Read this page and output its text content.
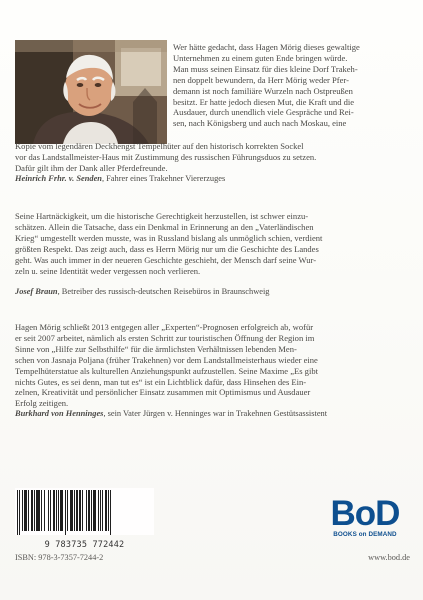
Wer hätte gedacht, dass Hagen Mörig dieses gewaltige
Unternehmen zu einem guten Ende bringen würde.
Man muss seinen Einsatz für dies kleine Dorf Trakeh-
nen doppelt bewundern, da Herr Mörig weder Pfer-
demann ist noch familiäre Wurzeln nach Ostpreußen
besitzt. Er hatte jedoch diesen Mut, die Kraft und die
Ausdauer, durch unendlich viele Gespräche und Rei-
sen, nach Königsberg und auch nach Moskau, eine
Kopie vom legendären Deckhengst Tempelhüter auf den historisch korrekten Sockel
vor das Landstallmeister-Haus mit Zustimmung des russischen Führungsduos zu setzen.
Dafür gilt ihm der Dank aller Pferdefreunde.
Heinrich Frhr. v. Senden, Fahrer eines Trakehner Viererzuges

Seine Hartnäckigkeit, um die historische Gerechtigkeit herzustellen, ist schwer einzu-
schätzen. Allein die Tatsache, dass ein Denkmal in Erinnerung an den „Vaterländischen
Krieg“ umgestellt werden musste, was in Russland bislang als unmöglich schien, verdient
größten Respekt. Das zeigt auch, dass es Herrn Mörig nur um die Geschichte des Landes
geht. Was auch immer in der neueren Geschichte geschieht, der Mensch darf seine Wur-
zeln u. seine Identität weder vergessen noch verlieren.

Josef Braun, Betreiber des russisch-deutschen Reisebüros in Braunschweig

Hagen Mörig schließt 2013 entgegen aller „Experten“-Prognosen erfolgreich ab, wofür
er seit 2007 arbeitet, nämlich als ersten Schritt zur touristischen Öffnung der Region im
Sinne von „Hilfe zur Selbsthilfe“ für die ärmlichsten Verhältnissen lebenden Men-
schen von Jasnaja Poljana (früher Trakehnen) vor dem Landstallmeisterhaus wieder eine
Tempelhüterstatue als kulturellen Anziehungspunkt aufzustellen. Seine Maxime „Es gibt
nichts Gutes, es sei denn, man tut es“ ist ein Lichtblick dafür, dass Hinsehen des Ein-
zelnen, Kreativität und persönlicher Einsatz zusammen mit Optimismus und Ausdauer
Erfolg zeitigen.

Burkhard von Henninges, sein Vater Jürgen v. Henninges war in Trakehnen Gestütsassistent
9 783735 772442
ISBN: 978-3-7357-7244-2	www.bod.de
BoD
BOOKS on DEMAND
